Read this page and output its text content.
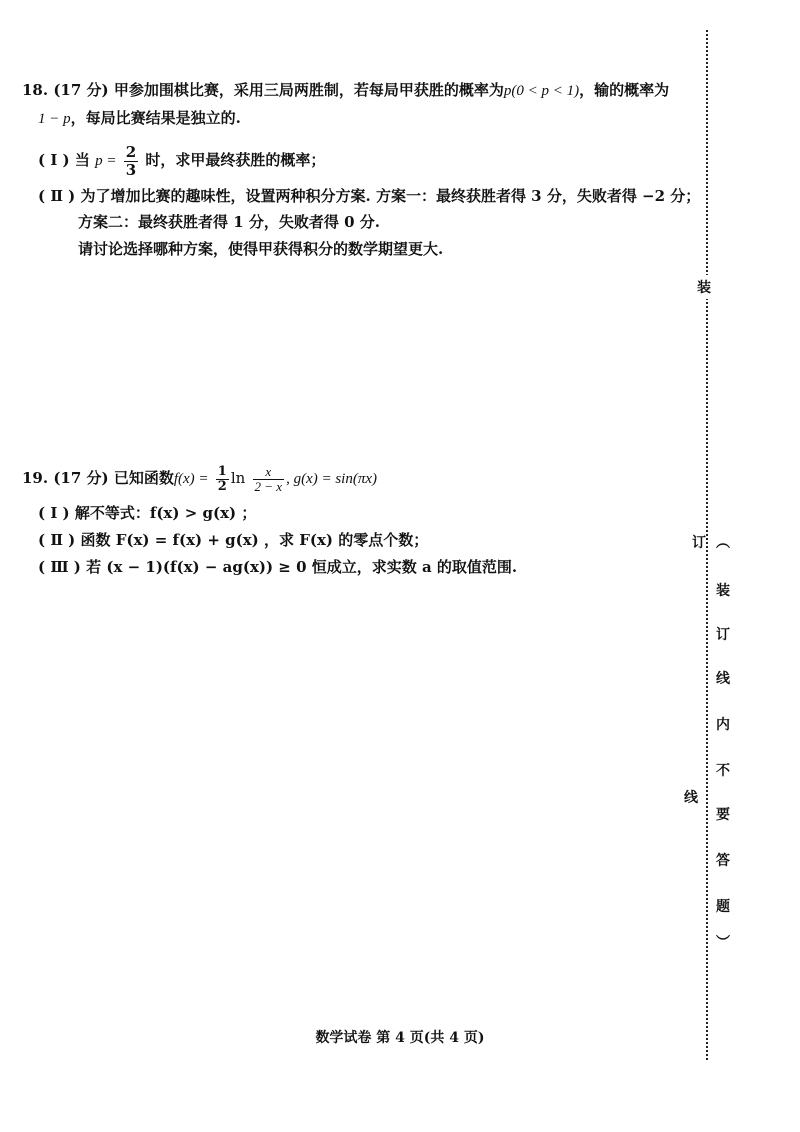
18. (17 分) 甲参加围棋比赛，采用三局两胜制，若每局甲获胜的概率为p(0 < p < 1)，输的概率为
1 − p，每局比赛结果是独立的.
( Ⅰ ) 当 $p = \frac{2}{3}$ 时，求甲最终获胜的概率；
( Ⅱ ) 为了增加比赛的趣味性，设置两种积分方案. 方案一：最终获胜者得 3 分，失败者得 −2 分；
方案二：最终获胜者得 1 分，失败者得 0 分.
请讨论选择哪种方案，使得甲获得积分的数学期望更大.
19. (17 分) 已知函数$f(x) = \frac{1}{2}$ $\ln \frac{x}{2 - x}$ , g(x) = sin(πx)
( Ⅰ ) 解不等式：f(x) > g(x) ；
( Ⅱ ) 函数 F(x) = f(x) + g(x) ，求 F(x) 的零点个数；
( Ⅲ ) 若 (x − 1)(f(x) − ag(x)) ≥ 0 恒成立，求实数 a 的取值范围.
装
订
线
︵
装
订
线
内
不
要
答
题
︶
数学试卷 第 4 页(共 4 页)
